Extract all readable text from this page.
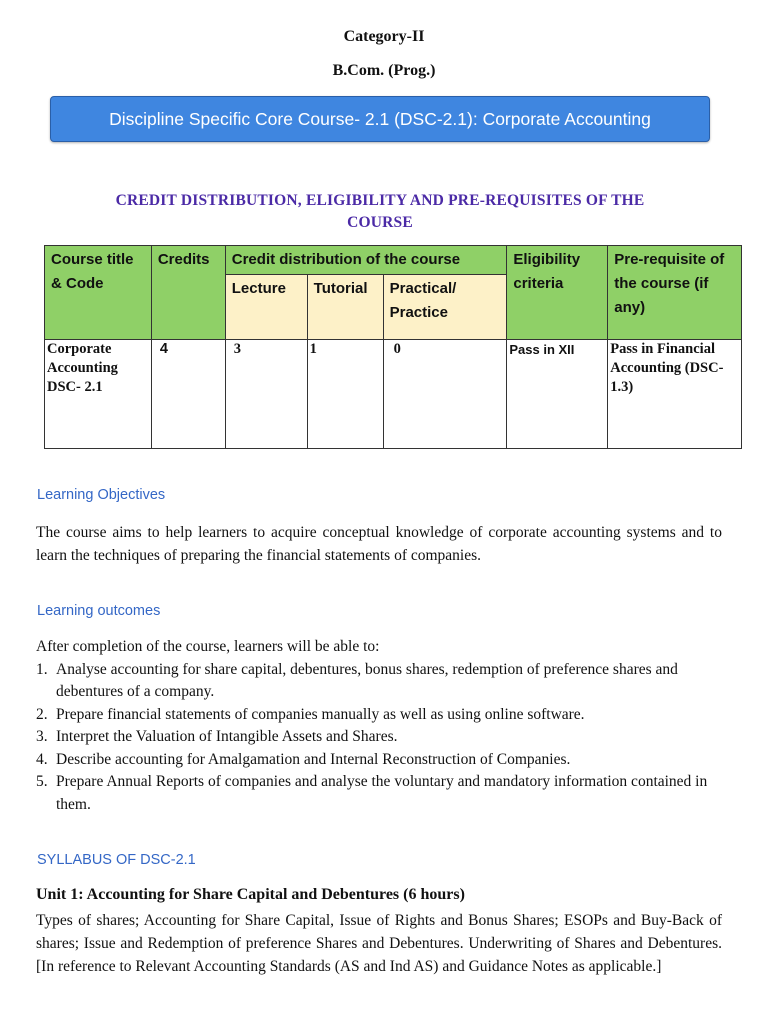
Category-II
B.Com. (Prog.)
Discipline Specific Core Course- 2.1 (DSC-2.1): Corporate Accounting
CREDIT DISTRIBUTION, ELIGIBILITY AND PRE-REQUISITES OF THE
COURSE
Course title & Code	Credits	Credit distribution of the course			Eligibility criteria	Pre-requisite of the course (if any)
		Lecture	Tutorial	Practical/ Practice		
Corporate Accounting DSC- 2.1	4	3	1	0	Pass in XII	Pass in Financial Accounting (DSC- 1.3)
Learning Objectives
The course aims to help learners to acquire conceptual knowledge of corporate accounting systems and to learn the techniques of preparing the financial statements of companies.
Learning outcomes
After completion of the course, learners will be able to:
1. Analyse accounting for share capital, debentures, bonus shares, redemption of preference shares and debentures of a company.
2. Prepare financial statements of companies manually as well as using online software.
3. Interpret the Valuation of Intangible Assets and Shares.
4. Describe accounting for Amalgamation and Internal Reconstruction of Companies.
5. Prepare Annual Reports of companies and analyse the voluntary and mandatory information contained in them.
SYLLABUS OF DSC-2.1
Unit 1: Accounting for Share Capital and Debentures (6 hours)
Types of shares; Accounting for Share Capital, Issue of Rights and Bonus Shares; ESOPs and Buy-Back of shares; Issue and Redemption of preference Shares and Debentures. Underwriting of Shares and Debentures. [In reference to Relevant Accounting Standards (AS and Ind AS) and Guidance Notes as applicable.]
